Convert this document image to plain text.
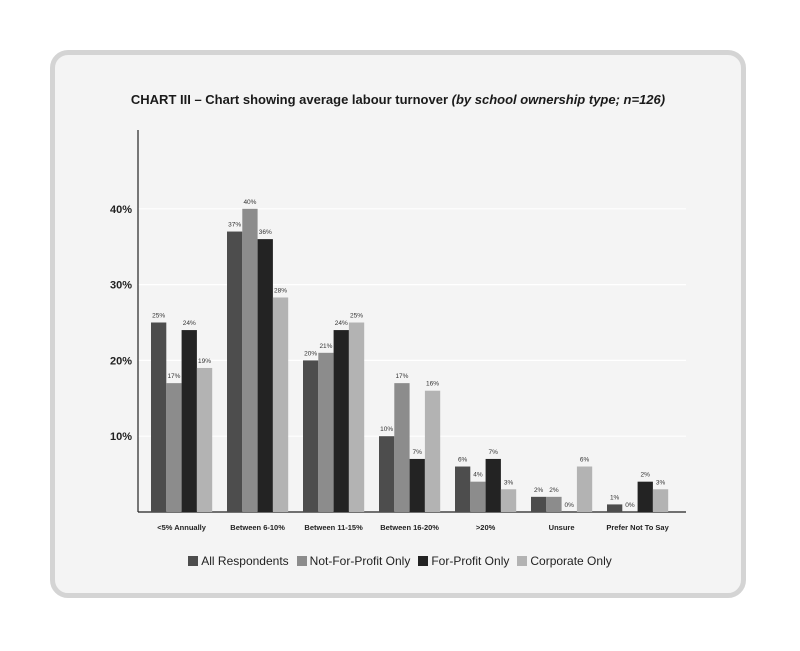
CHART III – Chart showing average labour turnover (by school ownership type; n=126)
10%
20%
30%
40%
25%
17%
24%
19%
<5% Annually
37%
40%
36%
28%
Between 6-10%
20%
21%
24%
25%
Between 11-15%
10%
17%
7%
16%
Between 16-20%
6%
4%
7%
3%
>20%
2% 2%
0%
6%
Unsure
1%
0%
2%
3%
Prefer Not To Say
All Respondents Not-For-Profit Only For-Profit Only Corporate Only
